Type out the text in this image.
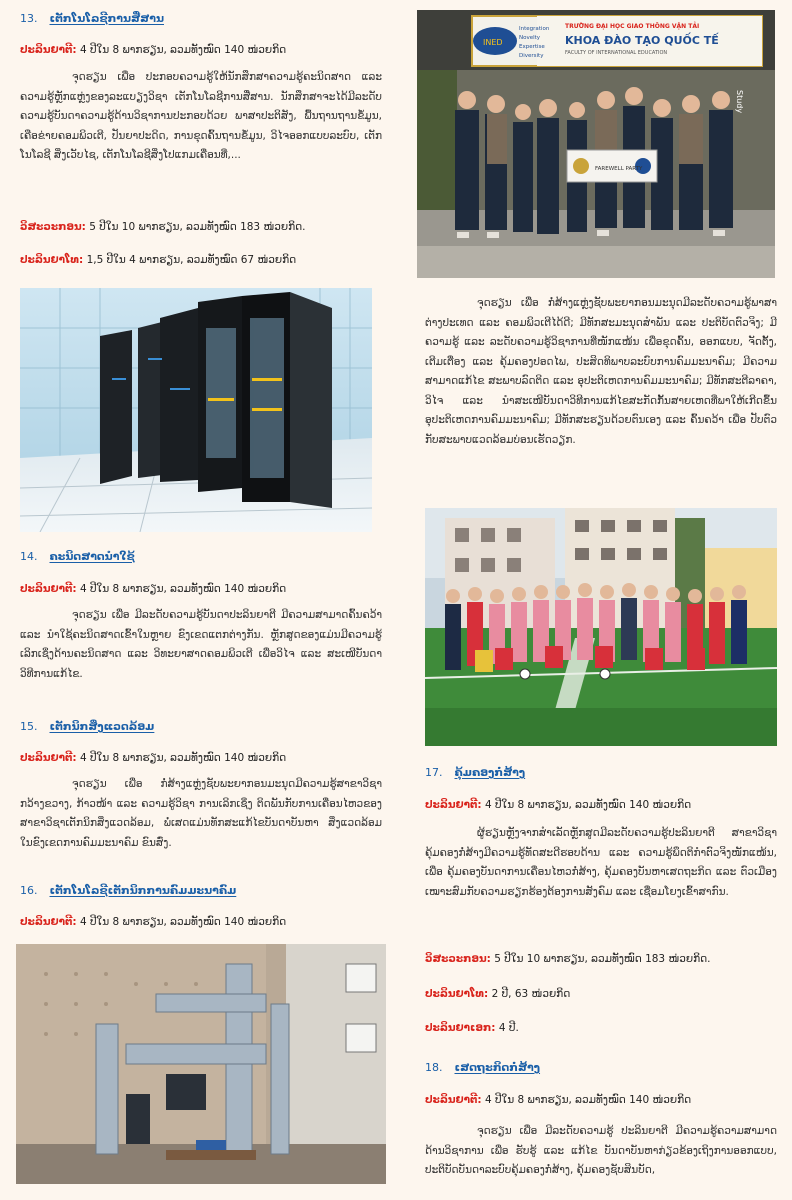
13. ເຕັກໂນໂລຊີການສື່ສານ

ປະລິນຍາຕີ: 4 ປີໃນ 8 ພາກຮຽນ, ລວມທັງໝົດ 140 ໜ່ວຍກິດ

ຈຸດຮຽນ ເພື່ອ ປະກອບຄວາມຮູ້ໃຫ້ນັກສຶກສາຄວາມຮູ້ຄະນິດສາດ ແລະ ຄວາມຮູ້ຫຼັກແຫຼ່ງຂອງລະແບຽງວິຊາ ເຕັກໂນໂລຊີການສື່ສານ. ນັກສຶກສາຈະໄດ້ມີລະດັບຄວາມຮູ້ບັນດາຄວາມຮູ້ດ້ານວິຊາການປະກອບດ້ວຍ ພາສາປະຕິສັງ, ພື້ນຖານຖານຂໍ້ມູນ, ເຄືອຂ່າຍຄອມພິວເຕີ, ປັນຍາປະດິດ, ການຂຸດຄົ້ນຖານຂໍ້ມູນ, ວິໄຈອອກແບບລະບົບ, ເຕັກໂນໂລຊີ ສິ່ງເວັບໄຊ, ເຕັກໂນໂລຊີສິ່ງໂປແກມເຄື່ອນທີ່,...

ວິສະວະກອນ: 5 ປີໃນ 10 ພາກຮຽນ, ລວມທັງໝົດ 183 ໜ່ວຍກິດ.

ປະລິນຍາໂທ: 1,5 ປີໃນ 4 ພາກຮຽນ, ລວມທັງໝົດ 67 ໜ່ວຍກິດ

14. ຄະນິດສາດນໍາໃຊ້

ປະລິນຍາຕີ: 4 ປີໃນ 8 ພາກຮຽນ, ລວມທັງໝົດ 140 ໜ່ວຍກິດ

ຈຸດຮຽນ ເພື່ອ ມີລະດັບຄວາມຮູ້ບັນດາປະລິນຍາຕີ ມີຄວາມສາມາດຄົ້ນຄວ້າ ແລະ ນໍາໃຊ້ຄະນິດສາດເຂົ້າໃນຫຼາຍ ຂົງເຂດແຕກຕ່າງກັນ. ຫຼັກສູດຂອງແມ່ນມີຄວາມຮູ້ເລິກເຊິ່ງດ້ານຄະນິດສາດ ແລະ ວິທະຍາສາດຄອມພິວເຕີ ເພື່ອວິໄຈ ແລະ ສະເໜີບັນດາວິທີການແກ້ໄຂ.

15. ເຕັກນິກສິ່ງແວດລ້ອມ

ປະລິນຍາຕີ: 4 ປີໃນ 8 ພາກຮຽນ, ລວມທັງໝົດ 140 ໜ່ວຍກິດ

ຈຸດຮຽນ ເພື່ອ ກໍ່ສ້າງແຫຼ່ງຊັບພະຍາກອນມະນຸດມີຄວາມຮູ້ສາຂາວິຊາກວ້າງຂວາງ, ກ້າວໜ້າ ແລະ ຄວາມຮູ້ວິຊາ ການເລິກເຊິ່ງ ຕິດພັນກັບການເຄື່ອນໄຫວຂອງສາຂາວິຊາເຕັກນິກສິ່ງແວດລ້ອມ, ພໍ່ເສດແມ່ນທັກສະແກ້ໄຂບັນດາບັນຫາ ສິ່ງແວດລ້ອມໃນຂົງເຂດການຄົມມະນາຄົມ ຂົນສົ່ງ.

16. ເຕັກໂນໂລຊີເຕັກນິກການຄົມມະນາຄົມ

ປະລິນຍາຕີ: 4 ປີໃນ 8 ພາກຮຽນ, ລວມທັງໝົດ 140 ໜ່ວຍກິດ

INED
Integration
Novelty
Expertise
Diversity
TRƯỜNG ĐẠI HỌC GIAO THÔNG VẬN TẢI
KHOA ĐÀO TẠO QUỐC TẾ
FACULTY OF INTERNATIONAL EDUCATION
Study
FAREWELL PARTY

ຈຸດຮຽນ ເພື່ອ ກໍ່ສ້າງແຫຼ່ງຊັບພະຍາກອນມະນຸດມີລະດັບຄວາມຮູ້ພາສາຕ່າງປະເທດ ແລະ ຄອມພິວເຕີໄດ້ດີ; ມີທັກສະມະນຸດສໍາພັນ ແລະ ປະຕິບັດຕົວຈິງ; ມີຄວາມຮູ້ ແລະ ລະດັບຄວາມຮູ້ວິຊາການທີ່ໜັກແໜ້ນ ເພື່ອຂຸດຄົ້ນ, ອອກແບບ, ຈັດຕັ້ງ, ເຕີມເຕື່ອງ ແລະ ຄຸ້ມຄອງປອດໄພ, ປະສິດທິພາບລະບົບການຄົມມະນາຄົມ; ມີຄວາມສາມາດແກ້ໄຂ ສະພາບລົດຕິດ ແລະ ອຸປະຕິເຫດການຄົມມະນາຄົມ; ມີທັກສະຕີລາຄາ, ວິໄຈ ແລະ ນໍາສະເໜີບັນດາວິທີການແກ້ໄຂສະກັດກັ້ນສາຍເຫດທີ່ພາໃຫ້ເກີດຂຶ້ນອຸປະຕິເຫດການຄົມມະນາຄົມ; ມີທັກສະຮຽນດ້ວຍຕົນເອງ ແລະ ຄົ້ນຄວ້າ ເພື່ອ ປັບຕົວກັບສະພາບແວດລ້ອມບ່ອນເຮັດວຽກ.

17. ຄຸ້ມຄອງກໍ່ສ້າງ

ປະລິນຍາຕີ: 4 ປີໃນ 8 ພາກຮຽນ, ລວມທັງໝົດ 140 ໜ່ວຍກິດ

ຜູ້ຮຽນຫຼັງຈາກສໍາເລັດຫຼັກສູດມີລະດັບຄວາມຮູ້ປະລິນຍາຕີ ສາຂາວິຊາຄຸ້ມຄອງກໍ່ສ້າງມີຄວາມຮູ້ທັດສະດີຮອບດ້ານ ແລະ ຄວາມຮູ້ພຶດຕິກໍາຕົວຈິງໜັກແໜ້ນ, ເພື່ອ ຄຸ້ມຄອງບັນດາການເຄື່ອນໄຫວກໍ່ສ້າງ, ຄຸ້ມຄອງບັນຫາເສດຖະກິດ ແລະ ຕົວເມືອງເໝາະສົມກັບຄວາມຮຽກຮ້ອງຕ້ອງການສັງຄົມ ແລະ ເຊື່ອມໂຍງເຂົ້າສາກົນ.

ວິສະວະກອນ: 5 ປີໃນ 10 ພາກຮຽນ, ລວມທັງໝົດ 183 ໜ່ວຍກິດ.

ປະລິນຍາໂທ: 2 ປີ, 63 ໜ່ວຍກິດ

ປະລິນຍາເອກ: 4 ປີ.

18. ເສດຖະກິດກໍ່ສ້າງ

ປະລິນຍາຕີ: 4 ປີໃນ 8 ພາກຮຽນ, ລວມທັງໝົດ 140 ໜ່ວຍກິດ

ຈຸດຮຽນ ເພື່ອ ມີລະດັບຄວາມຮູ້ ປະລິນຍາຕີ ມີຄວາມຮູ້ຄວາມສາມາດດ້ານວິຊາການ ເພື່ອ ຮັບຮູ້ ແລະ ແກ້ໄຂ ບັນດາບັນຫາກ່ຽວຂ້ອງເຖິງການອອກແບບ, ປະຕິບັດບັນດາລະບົບຄຸ້ມຄອງກໍ່ສ້າງ, ຄຸ້ມຄອງຊັບສິນບັດ,
